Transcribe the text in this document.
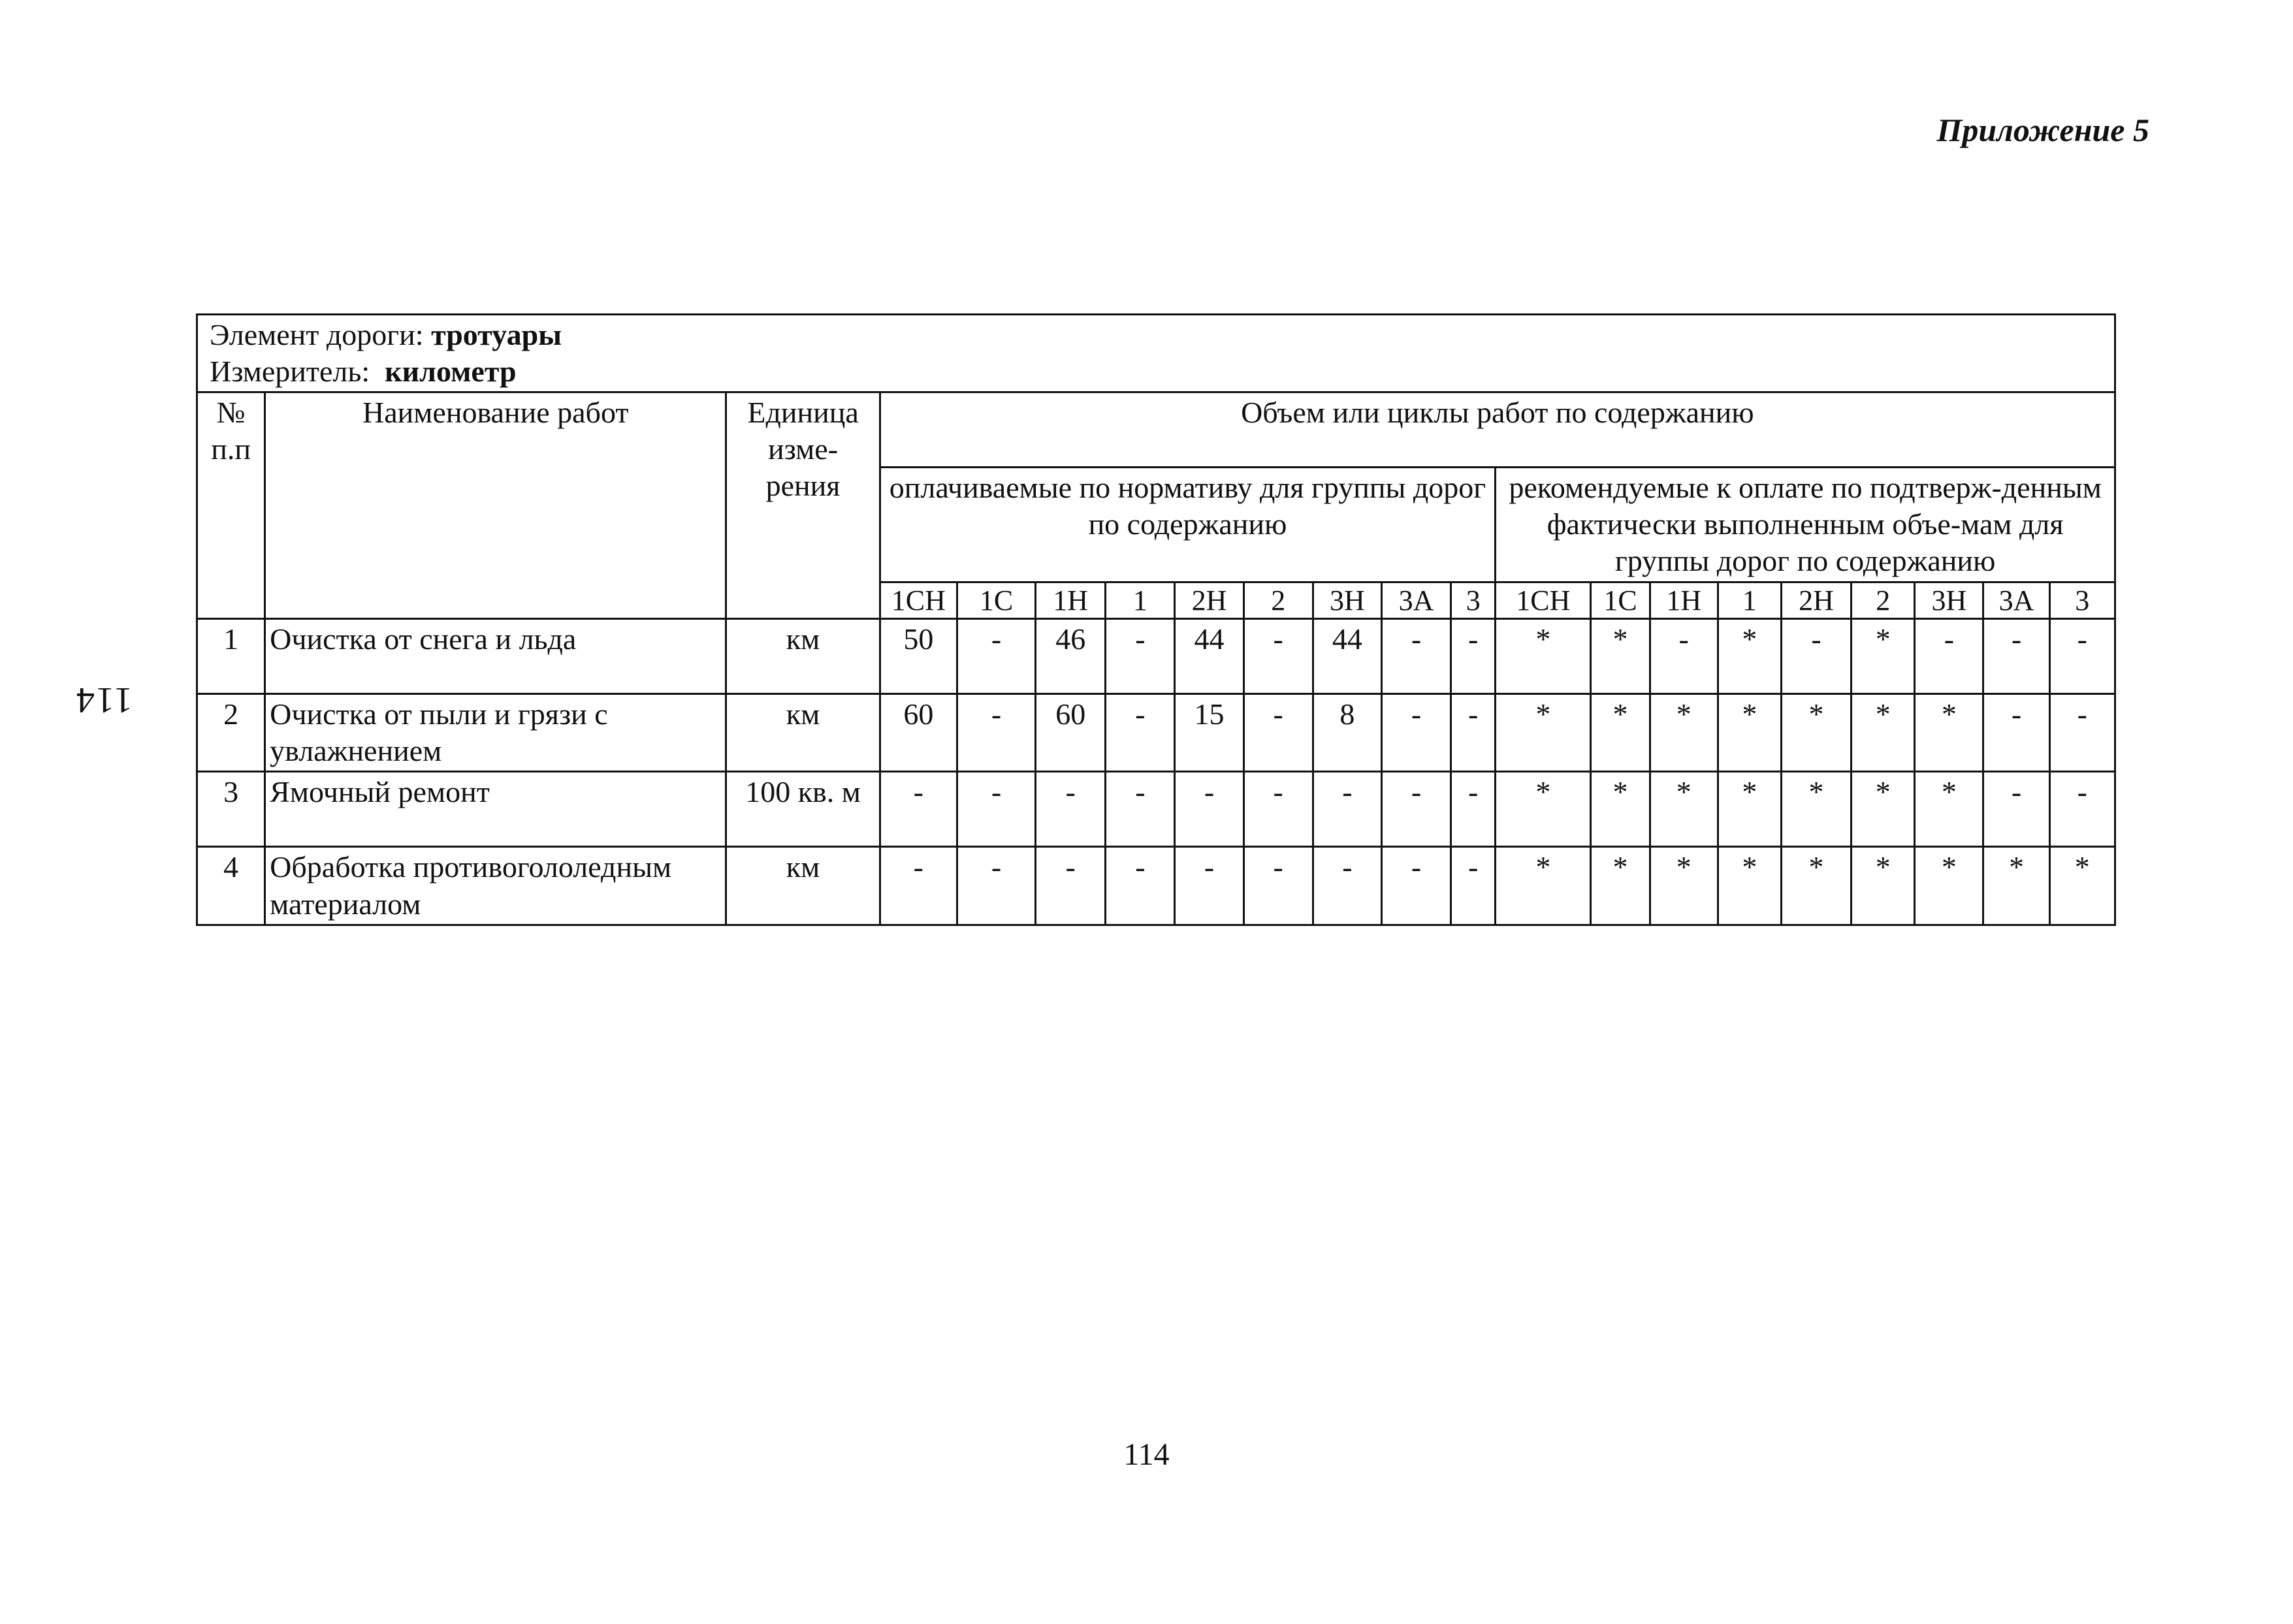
Приложение 5
114
Элемент дороги: тротуары
Измеритель: километр																				

№ п.п	Наименование работ	Единица изме-рения	Объем или циклы работ по содержанию																	

			оплачиваемые по нормативу для группы дорог по содержанию									рекомендуемые к оплате по подтверж-денным фактически выполненным объе-мам для группы дорог по содержанию								
			1СН	1С	1Н	1	2Н	2	3Н	3А	3	1СН	1С	1Н	1	2Н	2	3Н	3А	3
1	Очистка от снега и льда	км	50	-	46	-	44	-	44	-	-	*	*	-	*	-	*	-	-	-
2	Очистка от пыли и грязи с увлажнением	км	60	-	60	-	15	-	8	-	-	*	*	*	*	*	*	*	-	-
3	Ямочный ремонт	100 кв. м	-	-	-	-	-	-	-	-	-	*	*	*	*	*	*	*	-	-
4	Обработка противогололедным материалом	км	-	-	-	-	-	-	-	-	-	*	*	*	*	*	*	*	*	*
114
